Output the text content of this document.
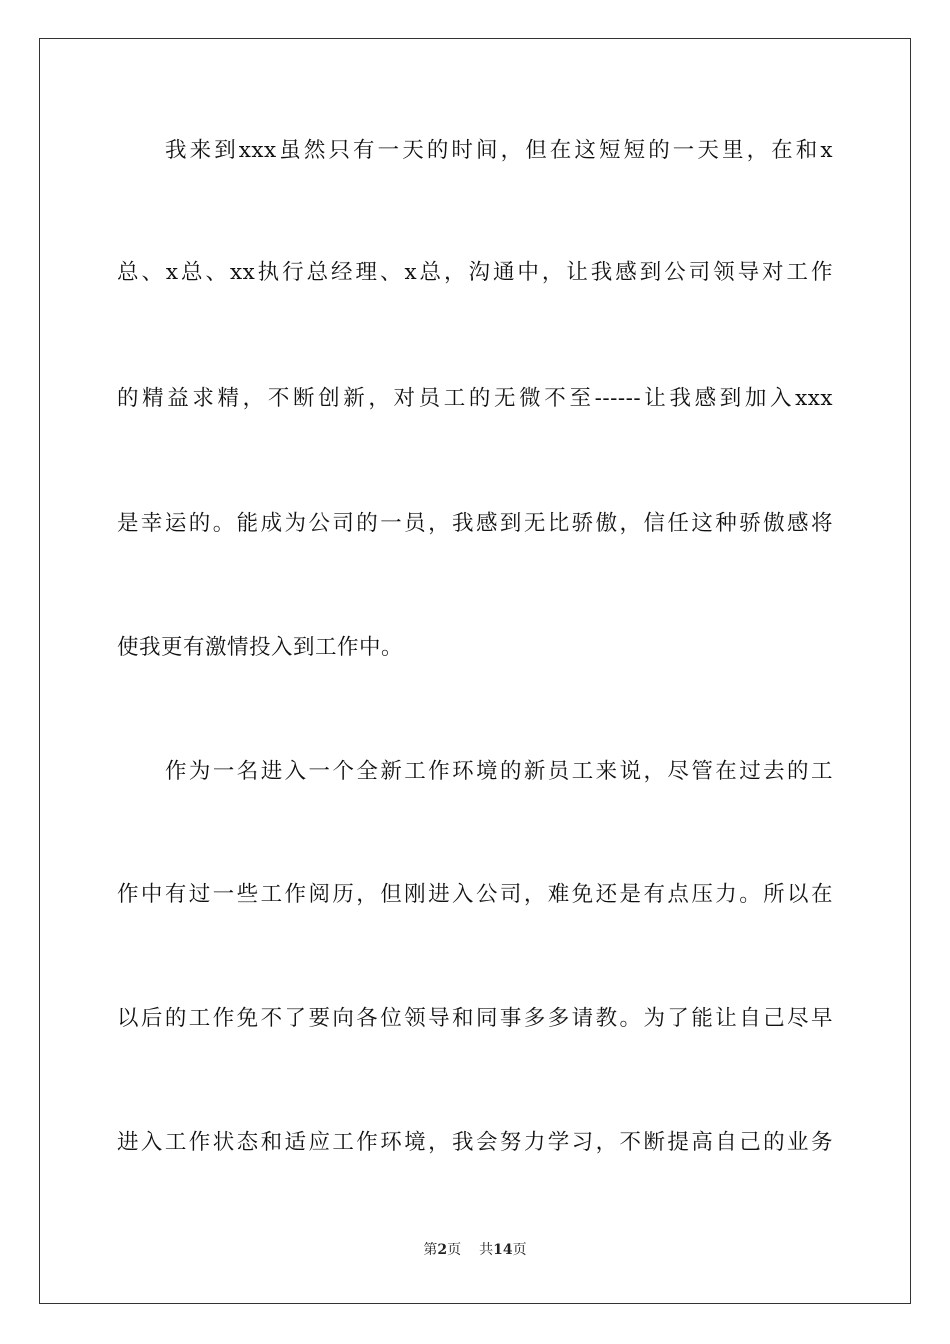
我来到xxx虽然只有一天的时间，但在这短短的一天里，在和x
总、x总、xx执行总经理、x总，沟通中，让我感到公司领导对工作
的精益求精，不断创新，对员工的无微不至------让我感到加入xxx
是幸运的。能成为公司的一员，我感到无比骄傲，信任这种骄傲感将
使我更有激情投入到工作中。
作为一名进入一个全新工作环境的新员工来说，尽管在过去的工
作中有过一些工作阅历，但刚进入公司，难免还是有点压力。所以在
以后的工作免不了要向各位领导和同事多多请教。为了能让自己尽早
进入工作状态和适应工作环境，我会努力学习，不断提高自己的业务
第2页 共14页
